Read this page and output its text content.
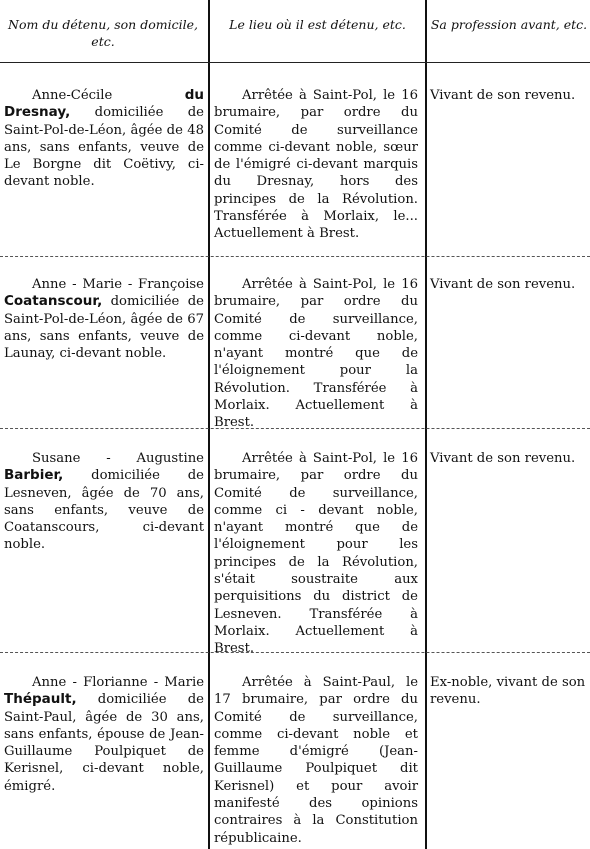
Nom du détenu, son domicile, etc.
Le lieu où il est détenu, etc.	Sa profession avant, etc.

Anne-Cécile du Dresnay, domiciliée de Saint-Pol-de-Léon, âgée de 48 ans, sans enfants, veuve de Le Borgne dit Coëtivy, ci-devant noble.

Arrêtée à Saint-Pol, le 16 brumaire, par ordre du Comité de surveillance comme ci-devant noble, sœur de l'émigré ci-devant marquis du Dresnay, hors des principes de la Révolution. Transférée à Morlaix, le... Actuellement à Brest.

Vivant de son revenu.

Anne - Marie - Françoise Coatanscour, domiciliée de Saint-Pol-de-Léon, âgée de 67 ans, sans enfants, veuve de Launay, ci-devant noble.

Arrêtée à Saint-Pol, le 16 brumaire, par ordre du Comité de surveillance, comme ci-devant noble, n'ayant montré que de l'éloignement pour la Révolution. Transférée à Morlaix. Actuellement à Brest.

Vivant de son revenu.

Susane - Augustine Barbier, domiciliée de Lesneven, âgée de 70 ans, sans enfants, veuve de Coatanscours, ci-devant noble.

Arrêtée à Saint-Pol, le 16 brumaire, par ordre du Comité de surveillance, comme ci - devant noble, n'ayant montré que de l'éloignement pour les principes de la Révolution, s'était soustraite aux perquisitions du district de Lesneven. Transférée à Morlaix. Actuellement à Brest.

Vivant de son revenu.

Anne - Florianne - Marie Thépault, domiciliée de Saint-Paul, âgée de 30 ans, sans enfants, épouse de Jean-Guillaume Poulpiquet de Kerisnel, ci-devant noble, émigré.

Arrêtée à Saint-Paul, le 17 brumaire, par ordre du Comité de surveillance, comme ci-devant noble et femme d'émigré (Jean-Guillaume Poulpiquet dit Kerisnel) et pour avoir manifesté des opinions contraires à la Constitution républicaine.

Ex-noble, vivant de son revenu.
